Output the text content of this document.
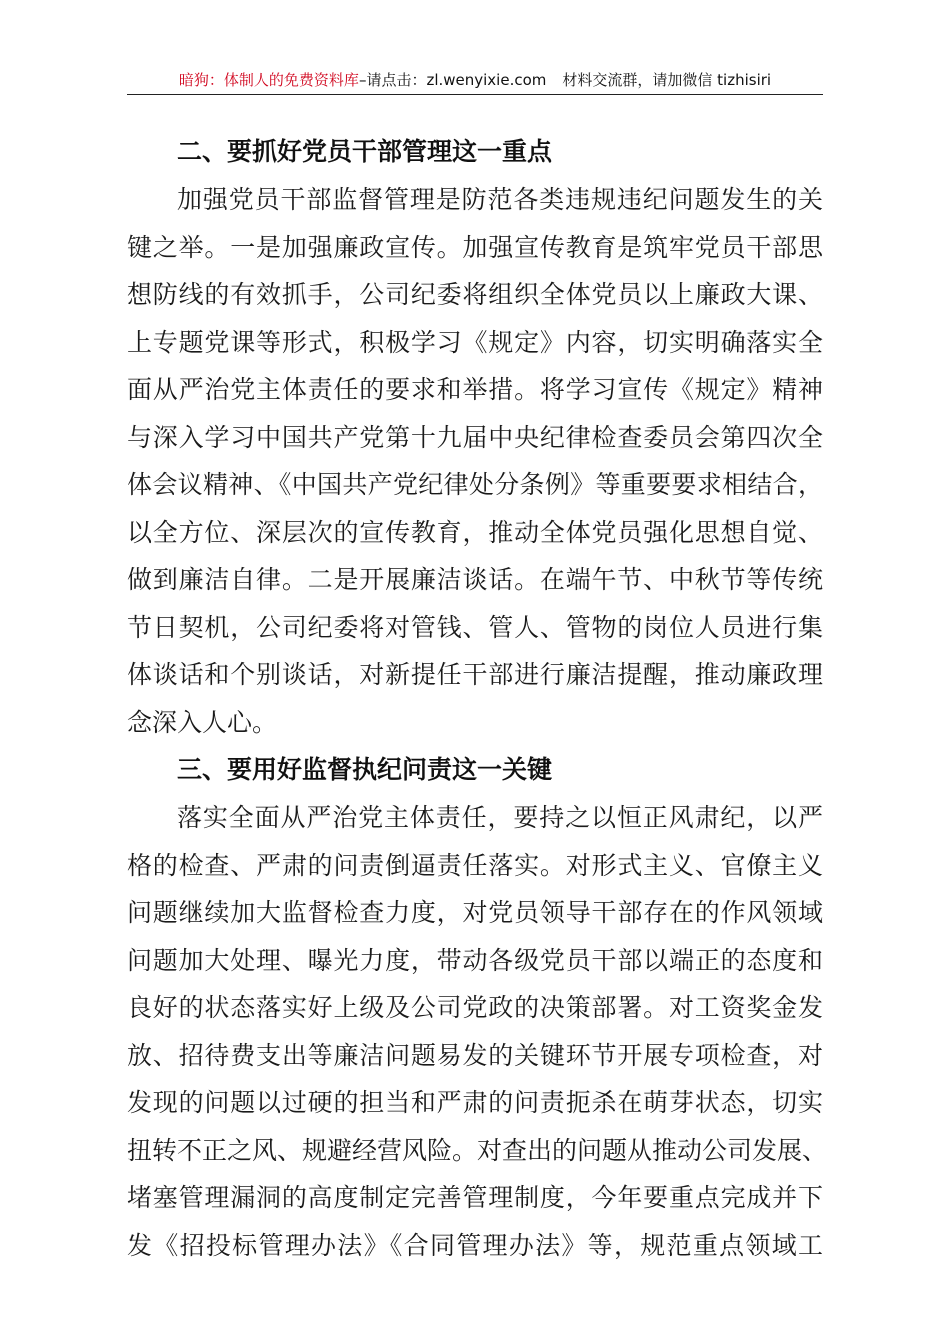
暗狗：体制人的免费资料库–请点击：zl.wenyixie.com 材料交流群，请加微信 tizhisiri
二、要抓好党员干部管理这一重点
加强党员干部监督管理是防范各类违规违纪问题发生的关
键之举。一是加强廉政宣传。加强宣传教育是筑牢党员干部思
想防线的有效抓手，公司纪委将组织全体党员以上廉政大课、
上专题党课等形式，积极学习《规定》内容，切实明确落实全
面从严治党主体责任的要求和举措。将学习宣传《规定》精神
与深入学习中国共产党第十九届中央纪律检查委员会第四次全
体会议精神、《中国共产党纪律处分条例》等重要要求相结合，
以全方位、深层次的宣传教育，推动全体党员强化思想自觉、
做到廉洁自律。二是开展廉洁谈话。在端午节、中秋节等传统
节日契机，公司纪委将对管钱、管人、管物的岗位人员进行集
体谈话和个别谈话，对新提任干部进行廉洁提醒，推动廉政理
念深入人心。
三、要用好监督执纪问责这一关键
落实全面从严治党主体责任，要持之以恒正风肃纪，以严
格的检查、严肃的问责倒逼责任落实。对形式主义、官僚主义
问题继续加大监督检查力度，对党员领导干部存在的作风领域
问题加大处理、曝光力度，带动各级党员干部以端正的态度和
良好的状态落实好上级及公司党政的决策部署。对工资奖金发
放、招待费支出等廉洁问题易发的关键环节开展专项检查，对
发现的问题以过硬的担当和严肃的问责扼杀在萌芽状态，切实
扭转不正之风、规避经营风险。对查出的问题从推动公司发展、
堵塞管理漏洞的高度制定完善管理制度，今年要重点完成并下
发《招投标管理办法》《合同管理办法》等，规范重点领域工
